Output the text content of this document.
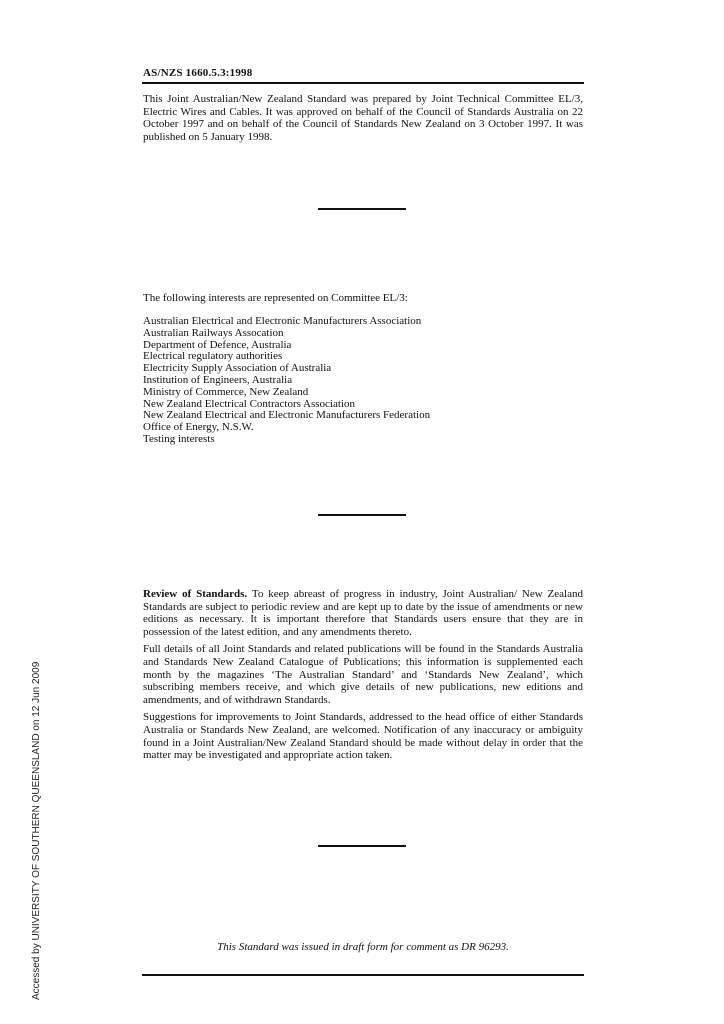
AS/NZS 1660.5.3:1998
This Joint Australian/New Zealand Standard was prepared by Joint Technical Committee EL/3, Electric Wires and Cables. It was approved on behalf of the Council of Standards Australia on 22 October 1997 and on behalf of the Council of Standards New Zealand on 3 October 1997. It was published on 5 January 1998.
The following interests are represented on Committee EL/3:
Australian Electrical and Electronic Manufacturers Association
Australian Railways Assocation
Department of Defence, Australia
Electrical regulatory authorities
Electricity Supply Association of Australia
Institution of Engineers, Australia
Ministry of Commerce, New Zealand
New Zealand Electrical Contractors Association
New Zealand Electrical and Electronic Manufacturers Federation
Office of Energy, N.S.W.
Testing interests

Review of Standards. To keep abreast of progress in industry, Joint Australian/ New Zealand Standards are subject to periodic review and are kept up to date by the issue of amendments or new editions as necessary. It is important therefore that Standards users ensure that they are in possession of the latest edition, and any amendments thereto.

Full details of all Joint Standards and related publications will be found in the Standards Australia and Standards New Zealand Catalogue of Publications; this information is supplemented each month by the magazines ‘The Australian Standard’ and ‘Standards New Zealand’, which subscribing members receive, and which give details of new publications, new editions and amendments, and of withdrawn Standards.

Suggestions for improvements to Joint Standards, addressed to the head office of either Standards Australia or Standards New Zealand, are welcomed. Notification of any inaccuracy or ambiguity found in a Joint Australian/New Zealand Standard should be made without delay in order that the matter may be investigated and appropriate action taken.

This Standard was issued in draft form for comment as DR 96293.
Accessed by UNIVERSITY OF SOUTHERN QUEENSLAND on 12 Jun 2009
